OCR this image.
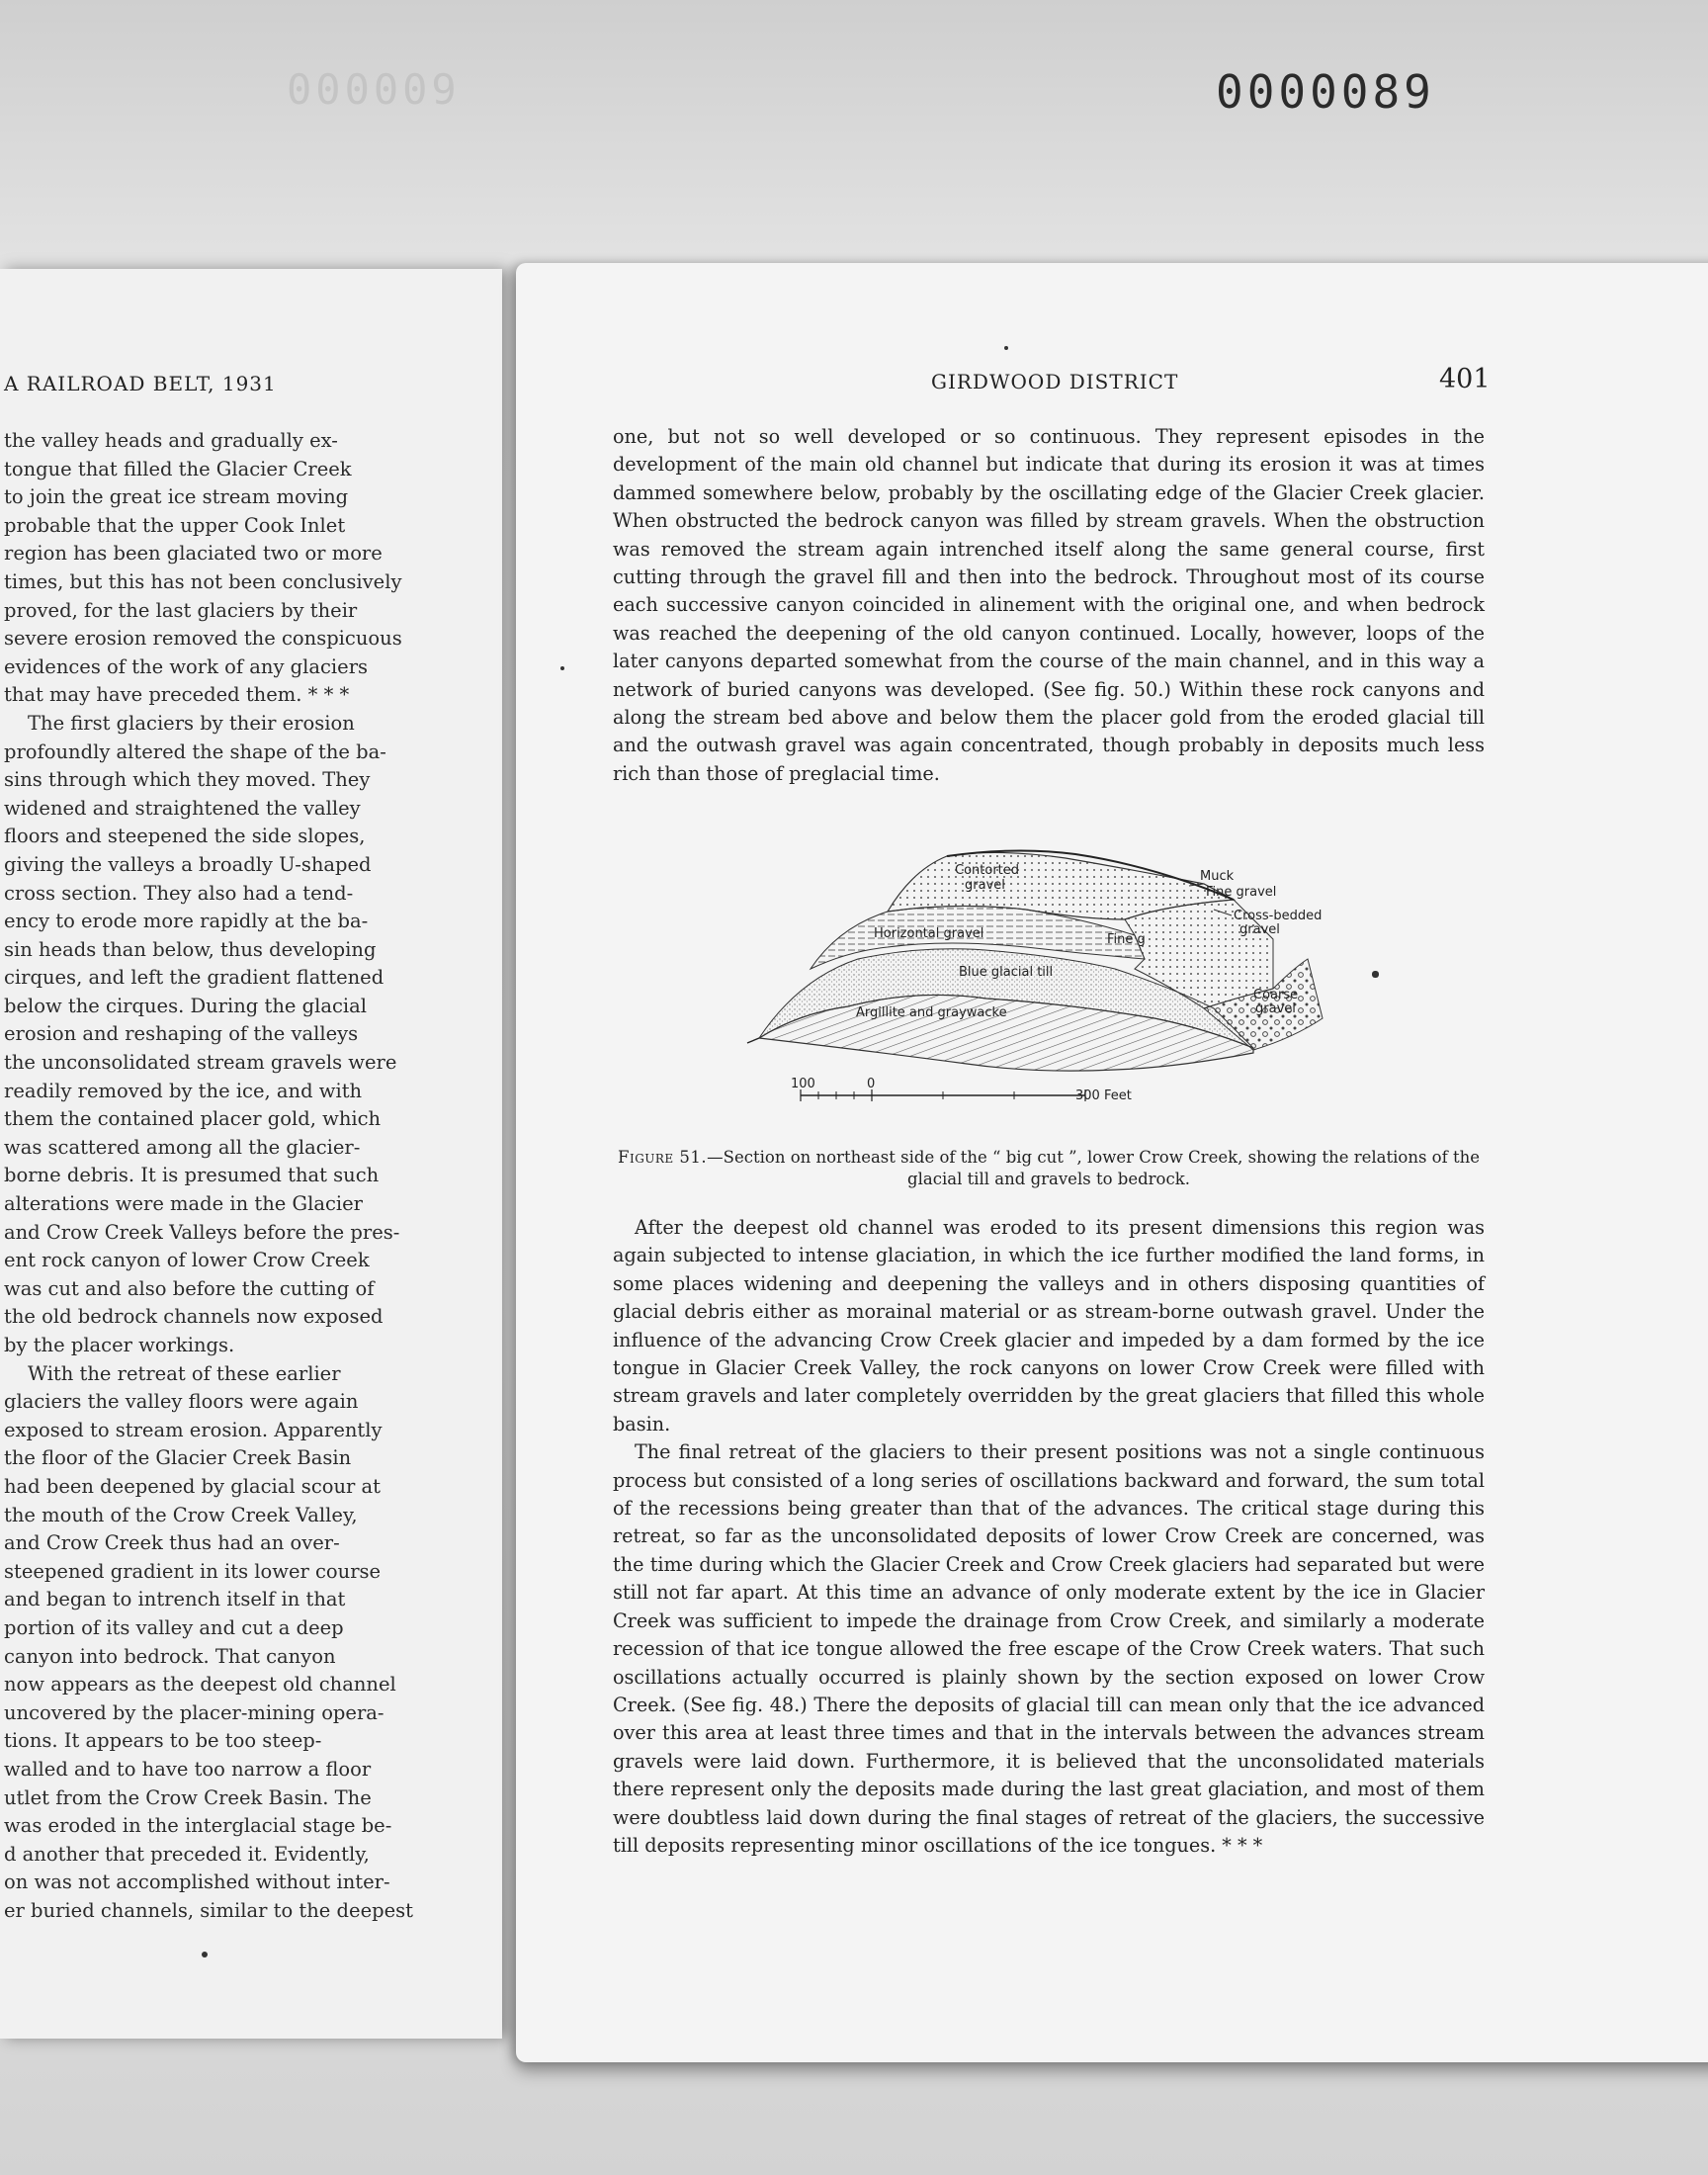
000009	0000089
A RAILROAD BELT, 1931

the valley heads and gradually ex-
tongue that filled the Glacier Creek
to join the great ice stream moving
probable that the upper Cook Inlet
region has been glaciated two or more
times, but this has not been conclusively
proved, for the last glaciers by their
severe erosion removed the conspicuous
evidences of the work of any glaciers
that may have preceded them. * * *

The first glaciers by their erosion
profoundly altered the shape of the ba-
sins through which they moved. They
widened and straightened the valley
floors and steepened the side slopes,
giving the valleys a broadly U-shaped
cross section. They also had a tend-
ency to erode more rapidly at the ba-
sin heads than below, thus developing
cirques, and left the gradient flattened
below the cirques. During the glacial
erosion and reshaping of the valleys
the unconsolidated stream gravels were
readily removed by the ice, and with
them the contained placer gold, which
was scattered among all the glacier-
borne debris. It is presumed that such
alterations were made in the Glacier
and Crow Creek Valleys before the pres-
ent rock canyon of lower Crow Creek
was cut and also before the cutting of
the old bedrock channels now exposed
by the placer workings.

With the retreat of these earlier
glaciers the valley floors were again
exposed to stream erosion. Apparently
the floor of the Glacier Creek Basin
had been deepened by glacial scour at
the mouth of the Crow Creek Valley,
and Crow Creek thus had an over-
steepened gradient in its lower course
and began to intrench itself in that
portion of its valley and cut a deep
canyon into bedrock. That canyon
now appears as the deepest old channel
uncovered by the placer-mining opera-
tions. It appears to be too steep-
walled and to have too narrow a floor
utlet from the Crow Creek Basin. The
was eroded in the interglacial stage be-
d another that preceded it. Evidently,
on was not accomplished without inter-
er buried channels, similar to the deepest

GIRDWOOD DISTRICT	401

one, but not so well developed or so continuous. They represent episodes in the development of the main old channel but indicate that during its erosion it was at times dammed somewhere below, probably by the oscillating edge of the Glacier Creek glacier. When obstructed the bedrock canyon was filled by stream gravels. When the obstruction was removed the stream again intrenched itself along the same general course, first cutting through the gravel fill and then into the bedrock. Throughout most of its course each successive canyon coincided in alinement with the original one, and when bedrock was reached the deepening of the old canyon continued. Locally, however, loops of the later canyons departed somewhat from the course of the main channel, and in this way a network of buried canyons was developed. (See fig. 50.) Within these rock canyons and along the stream bed above and below them the placer gold from the eroded glacial till and the outwash gravel was again concentrated, though probably in deposits much less rich than those of preglacial time.

Contorted
gravel
Horizontal gravel	Fine g
Blue glacial till
Argillite and graywacke
Muck
Fine gravel
Cross-bedded
gravel
Coarse
gravel
100	0
300 Feet
Figure 51.—Section on northeast side of the “ big cut ”, lower Crow Creek, showing the relations of the glacial till and gravels to bedrock.

After the deepest old channel was eroded to its present dimensions this region was again subjected to intense glaciation, in which the ice further modified the land forms, in some places widening and deepening the valleys and in others disposing quantities of glacial debris either as morainal material or as stream-borne outwash gravel. Under the influence of the advancing Crow Creek glacier and impeded by a dam formed by the ice tongue in Glacier Creek Valley, the rock canyons on lower Crow Creek were filled with stream gravels and later completely overridden by the great glaciers that filled this whole basin.

The final retreat of the glaciers to their present positions was not a single continuous process but consisted of a long series of oscillations backward and forward, the sum total of the recessions being greater than that of the advances. The critical stage during this retreat, so far as the unconsolidated deposits of lower Crow Creek are concerned, was the time during which the Glacier Creek and Crow Creek glaciers had separated but were still not far apart. At this time an advance of only moderate extent by the ice in Glacier Creek was sufficient to impede the drainage from Crow Creek, and similarly a moderate recession of that ice tongue allowed the free escape of the Crow Creek waters. That such oscillations actually occurred is plainly shown by the section exposed on lower Crow Creek. (See fig. 48.) There the deposits of glacial till can mean only that the ice advanced over this area at least three times and that in the intervals between the advances stream gravels were laid down. Furthermore, it is believed that the unconsolidated materials there represent only the deposits made during the last great glaciation, and most of them were doubtless laid down during the final stages of retreat of the glaciers, the successive till deposits representing minor oscillations of the ice tongues. * * *
